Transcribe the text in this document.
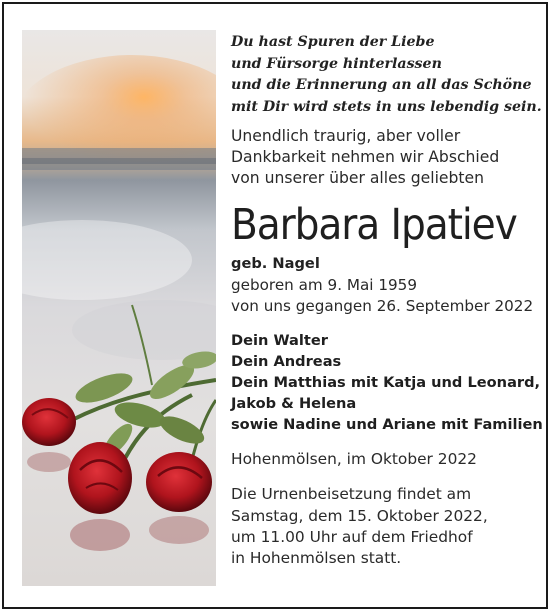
Du hast Spuren der Liebe
und Fürsorge hinterlassen
und die Erinnerung an all das Schöne
mit Dir wird stets in uns lebendig sein.
Unendlich traurig, aber voller
Dankbarkeit nehmen wir Abschied
von unserer über alles geliebten
Barbara Ipatiev
geb. Nagel
geboren am 9. Mai 1959
von uns gegangen 26. September 2022
Dein Walter
Dein Andreas
Dein Matthias mit Katja und Leonard,
Jakob & Helena
sowie Nadine und Ariane mit Familien
Hohenmölsen, im Oktober 2022
Die Urnenbeisetzung findet am
Samstag, dem 15. Oktober 2022,
um 11.00 Uhr auf dem Friedhof
in Hohenmölsen statt.
